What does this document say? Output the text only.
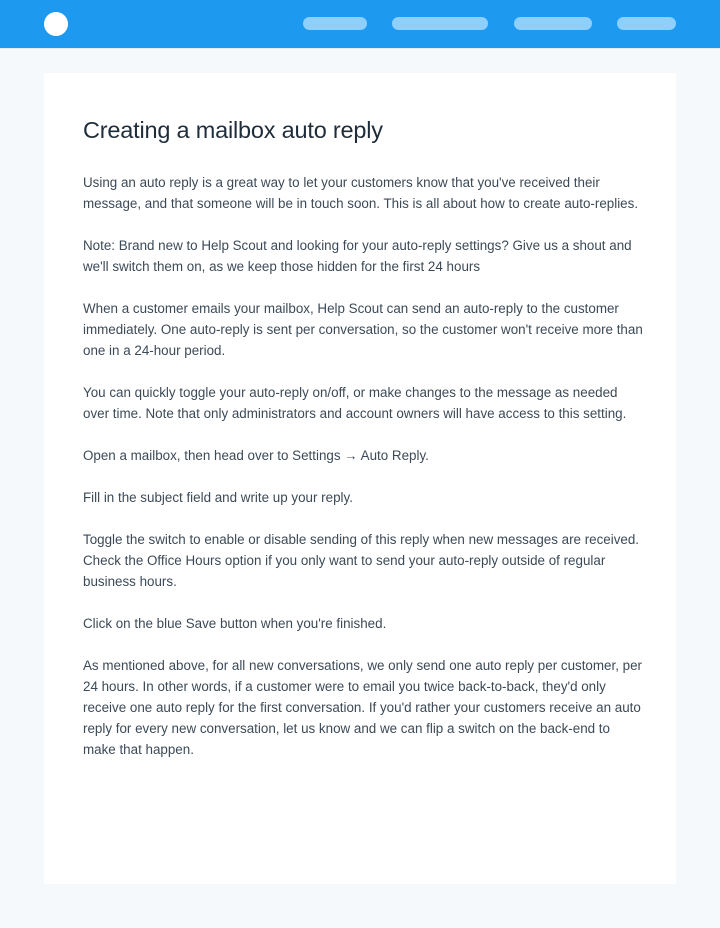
Creating a mailbox auto reply

Using an auto reply is a great way to let your customers know that you've received their message, and that someone will be in touch soon. This is all about how to create auto-replies.

Note: Brand new to Help Scout and looking for your auto-reply settings? Give us a shout and we'll switch them on, as we keep those hidden for the first 24 hours

When a customer emails your mailbox, Help Scout can send an auto-reply to the customer immediately. One auto-reply is sent per conversation, so the customer won't receive more than one in a 24-hour period.

You can quickly toggle your auto-reply on/off, or make changes to the message as needed over time. Note that only administrators and account owners will have access to this setting.

Open a mailbox, then head over to Settings → Auto Reply.

Fill in the subject field and write up your reply.

Toggle the switch to enable or disable sending of this reply when new messages are received. Check the Office Hours option if you only want to send your auto-reply outside of regular business hours.

Click on the blue Save button when you're finished.

As mentioned above, for all new conversations, we only send one auto reply per customer, per 24 hours. In other words, if a customer were to email you twice back-to-back, they'd only receive one auto reply for the first conversation. If you'd rather your customers receive an auto reply for every new conversation, let us know and we can flip a switch on the back-end to make that happen.
